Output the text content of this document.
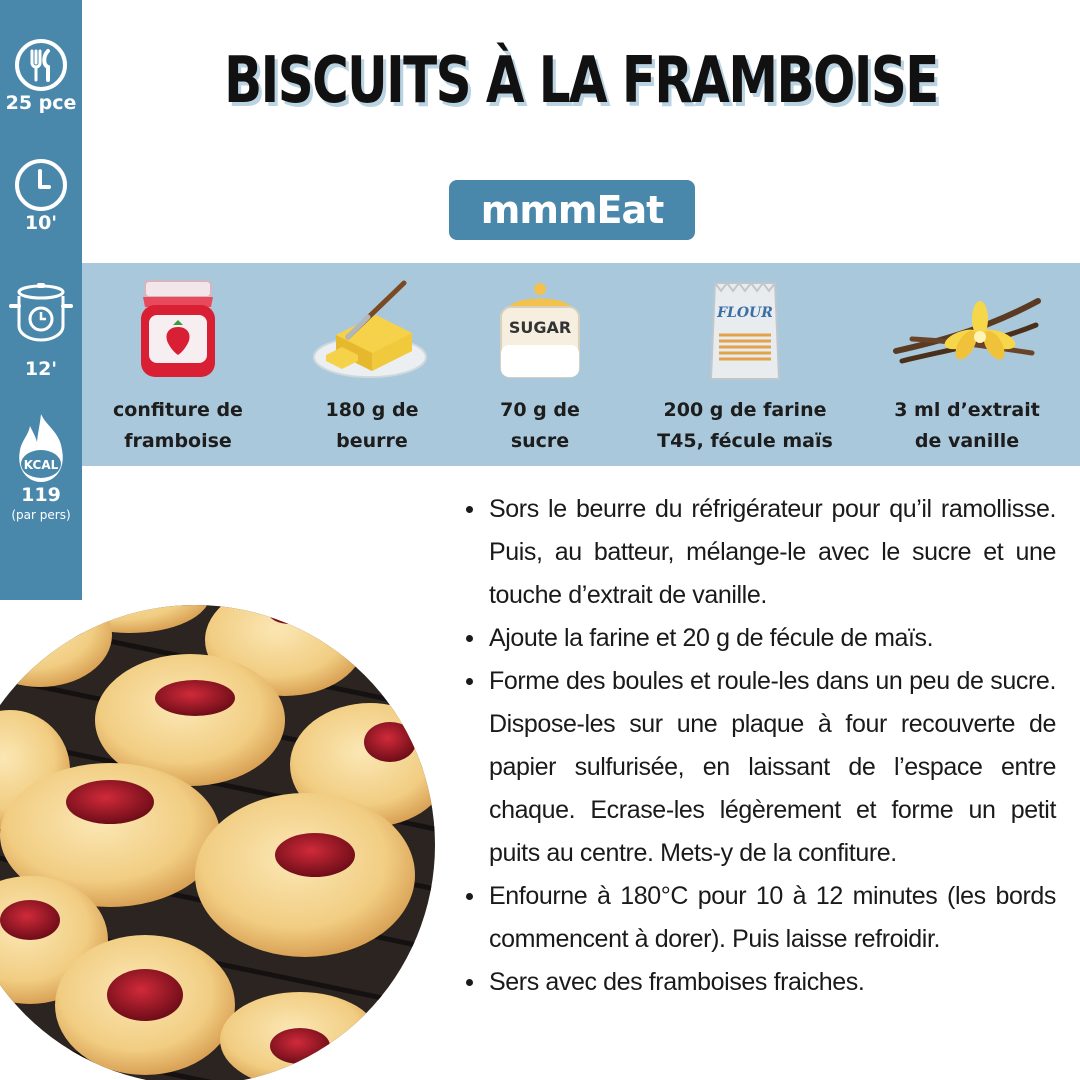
25 pce
10'
12'
KCAL
119
(par pers)
BISCUITS À LA FRAMBOISE
mmmEat
confiture de
framboise
180 g de
beurre
SUGAR
70 g de
sucre
FLOUR
200 g de farine
T45, fécule maïs
3 ml d’extrait
de vanille
Sors le beurre du réfrigérateur pour qu’il ramollisse. Puis, au batteur, mélange-le avec le sucre et une touche d’extrait de vanille.
Ajoute la farine et 20 g de fécule de maïs.
Forme des boules et roule-les dans un peu de sucre. Dispose-les sur une plaque à four recouverte de papier sulfurisée, en laissant de l’espace entre chaque. Ecrase-les légèrement et forme un petit puits au centre. Mets-y de la confiture.
Enfourne à 180°C pour 10 à 12 minutes (les bords commencent à dorer). Puis laisse refroidir.
Sers avec des framboises fraiches.
